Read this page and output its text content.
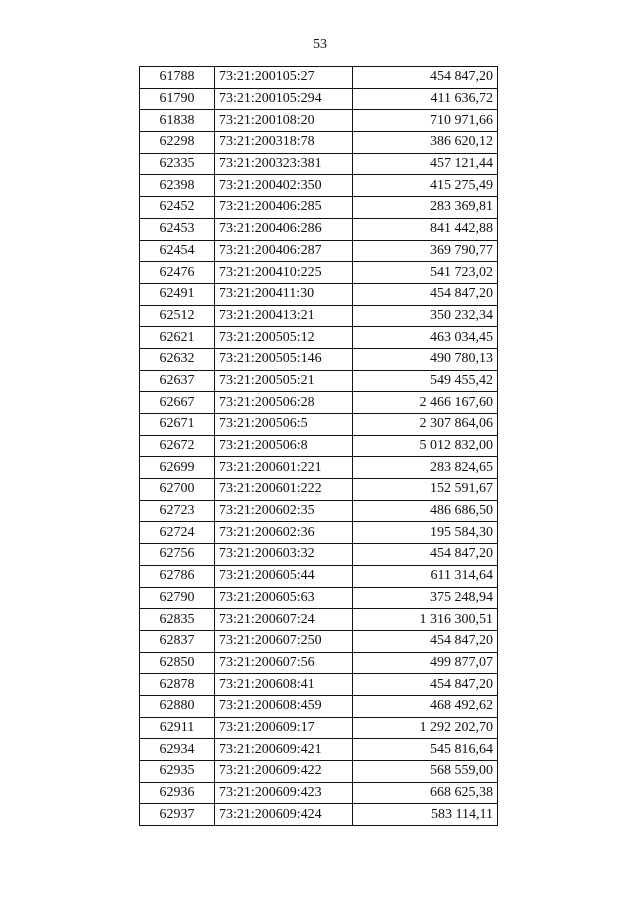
53
61788	73:21:200105:27	454 847,20
61790	73:21:200105:294	411 636,72
61838	73:21:200108:20	710 971,66
62298	73:21:200318:78	386 620,12
62335	73:21:200323:381	457 121,44
62398	73:21:200402:350	415 275,49
62452	73:21:200406:285	283 369,81
62453	73:21:200406:286	841 442,88
62454	73:21:200406:287	369 790,77
62476	73:21:200410:225	541 723,02
62491	73:21:200411:30	454 847,20
62512	73:21:200413:21	350 232,34
62621	73:21:200505:12	463 034,45
62632	73:21:200505:146	490 780,13
62637	73:21:200505:21	549 455,42
62667	73:21:200506:28	2 466 167,60
62671	73:21:200506:5	2 307 864,06
62672	73:21:200506:8	5 012 832,00
62699	73:21:200601:221	283 824,65
62700	73:21:200601:222	152 591,67
62723	73:21:200602:35	486 686,50
62724	73:21:200602:36	195 584,30
62756	73:21:200603:32	454 847,20
62786	73:21:200605:44	611 314,64
62790	73:21:200605:63	375 248,94
62835	73:21:200607:24	1 316 300,51
62837	73:21:200607:250	454 847,20
62850	73:21:200607:56	499 877,07
62878	73:21:200608:41	454 847,20
62880	73:21:200608:459	468 492,62
62911	73:21:200609:17	1 292 202,70
62934	73:21:200609:421	545 816,64
62935	73:21:200609:422	568 559,00
62936	73:21:200609:423	668 625,38
62937	73:21:200609:424	583 114,11
